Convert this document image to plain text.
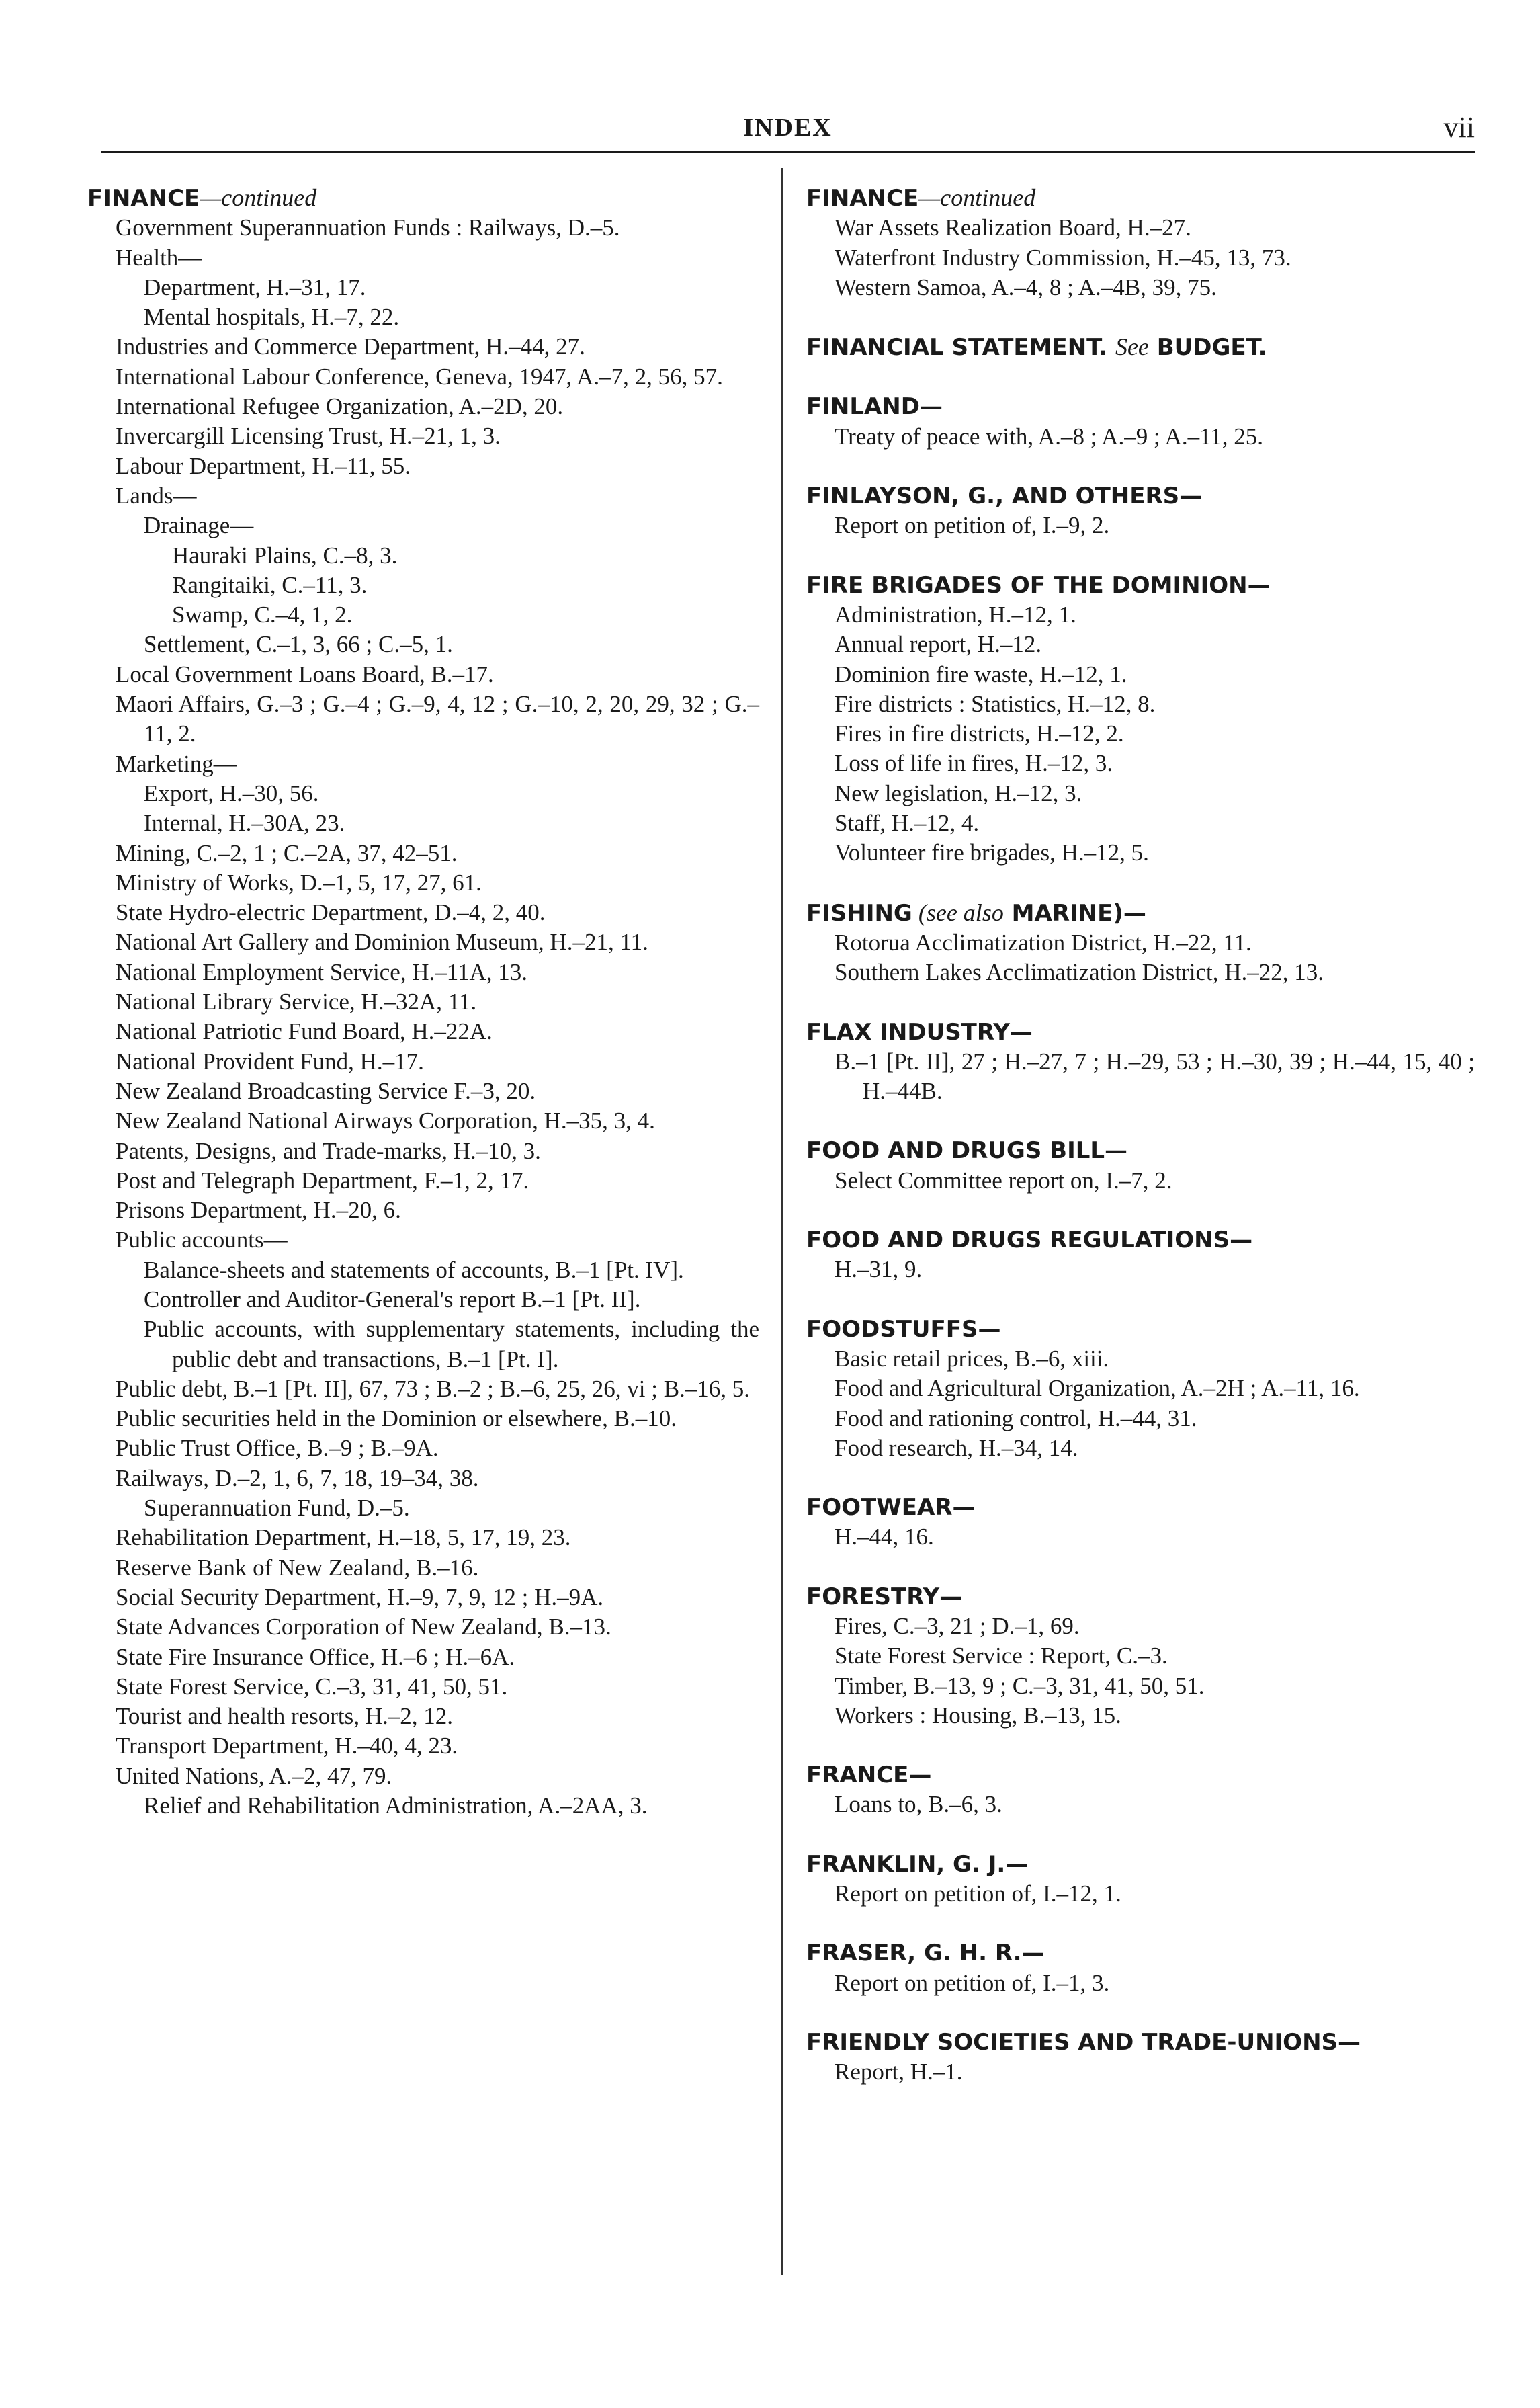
INDEX	vii
FINANCE—continued
Government Superannuation Funds : Railways, D.–5.
Health—
Department, H.–31, 17.
Mental hospitals, H.–7, 22.
Industries and Commerce Department, H.–44, 27.
International Labour Conference, Geneva, 1947, A.–7, 2, 56, 57.
International Refugee Organization, A.–2D, 20.
Invercargill Licensing Trust, H.–21, 1, 3.
Labour Department, H.–11, 55.
Lands—
Drainage—
Hauraki Plains, C.–8, 3.
Rangitaiki, C.–11, 3.
Swamp, C.–4, 1, 2.
Settlement, C.–1, 3, 66 ; C.–5, 1.
Local Government Loans Board, B.–17.
Maori Affairs, G.–3 ; G.–4 ; G.–9, 4, 12 ; G.–10, 2, 20, 29, 32 ; G.–11, 2.
Marketing—
Export, H.–30, 56.
Internal, H.–30A, 23.
Mining, C.–2, 1 ; C.–2A, 37, 42–51.
Ministry of Works, D.–1, 5, 17, 27, 61.
State Hydro-electric Department, D.–4, 2, 40.
National Art Gallery and Dominion Museum, H.–21, 11.
National Employment Service, H.–11A, 13.
National Library Service, H.–32A, 11.
National Patriotic Fund Board, H.–22A.
National Provident Fund, H.–17.
New Zealand Broadcasting Service F.–3, 20.
New Zealand National Airways Corporation, H.–35, 3, 4.
Patents, Designs, and Trade-marks, H.–10, 3.
Post and Telegraph Department, F.–1, 2, 17.
Prisons Department, H.–20, 6.
Public accounts—
Balance-sheets and statements of accounts, B.–1 [Pt. IV].
Controller and Auditor-General's report B.–1 [Pt. II].
Public accounts, with supplementary statements, including the public debt and transactions, B.–1 [Pt. I].
Public debt, B.–1 [Pt. II], 67, 73 ; B.–2 ; B.–6, 25, 26, vi ; B.–16, 5.
Public securities held in the Dominion or elsewhere, B.–10.
Public Trust Office, B.–9 ; B.–9A.
Railways, D.–2, 1, 6, 7, 18, 19–34, 38.
Superannuation Fund, D.–5.
Rehabilitation Department, H.–18, 5, 17, 19, 23.
Reserve Bank of New Zealand, B.–16.
Social Security Department, H.–9, 7, 9, 12 ; H.–9A.
State Advances Corporation of New Zealand, B.–13.
State Fire Insurance Office, H.–6 ; H.–6A.
State Forest Service, C.–3, 31, 41, 50, 51.
Tourist and health resorts, H.–2, 12.
Transport Department, H.–40, 4, 23.
United Nations, A.–2, 47, 79.
Relief and Rehabilitation Administration, A.–2AA, 3.
FINANCE—continued
War Assets Realization Board, H.–27.
Waterfront Industry Commission, H.–45, 13, 73.
Western Samoa, A.–4, 8 ; A.–4B, 39, 75.
FINANCIAL STATEMENT. See BUDGET.
FINLAND—
Treaty of peace with, A.–8 ; A.–9 ; A.–11, 25.
FINLAYSON, G., AND OTHERS—
Report on petition of, I.–9, 2.
FIRE BRIGADES OF THE DOMINION—
Administration, H.–12, 1.
Annual report, H.–12.
Dominion fire waste, H.–12, 1.
Fire districts : Statistics, H.–12, 8.
Fires in fire districts, H.–12, 2.
Loss of life in fires, H.–12, 3.
New legislation, H.–12, 3.
Staff, H.–12, 4.
Volunteer fire brigades, H.–12, 5.
FISHING (see also MARINE)—
Rotorua Acclimatization District, H.–22, 11.
Southern Lakes Acclimatization District, H.–22, 13.
FLAX INDUSTRY—
B.–1 [Pt. II], 27 ; H.–27, 7 ; H.–29, 53 ; H.–30, 39 ; H.–44, 15, 40 ; H.–44B.
FOOD AND DRUGS BILL—
Select Committee report on, I.–7, 2.
FOOD AND DRUGS REGULATIONS—
H.–31, 9.
FOODSTUFFS—
Basic retail prices, B.–6, xiii.
Food and Agricultural Organization, A.–2H ; A.–11, 16.
Food and rationing control, H.–44, 31.
Food research, H.–34, 14.
FOOTWEAR—
H.–44, 16.
FORESTRY—
Fires, C.–3, 21 ; D.–1, 69.
State Forest Service : Report, C.–3.
Timber, B.–13, 9 ; C.–3, 31, 41, 50, 51.
Workers : Housing, B.–13, 15.
FRANCE—
Loans to, B.–6, 3.
FRANKLIN, G. J.—
Report on petition of, I.–12, 1.
FRASER, G. H. R.—
Report on petition of, I.–1, 3.
FRIENDLY SOCIETIES AND TRADE-UNIONS—
Report, H.–1.
